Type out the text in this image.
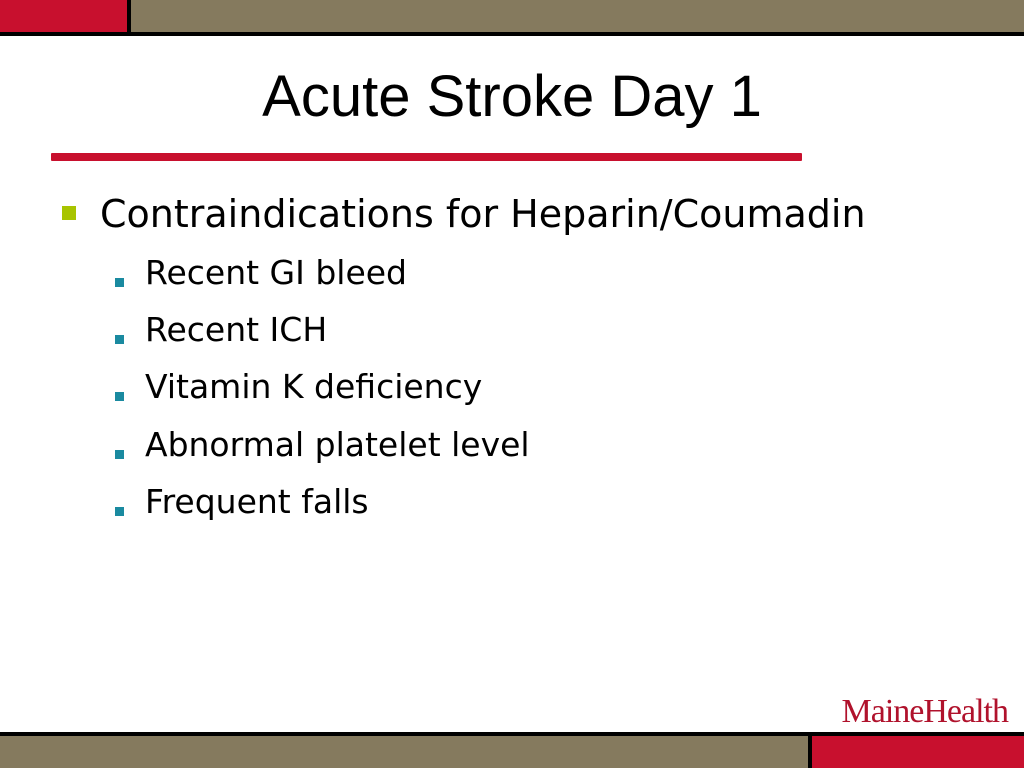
Acute Stroke Day 1
Contraindications for Heparin/Coumadin
Recent GI bleed
Recent ICH
Vitamin K deficiency
Abnormal platelet level
Frequent falls
MaineHealth
